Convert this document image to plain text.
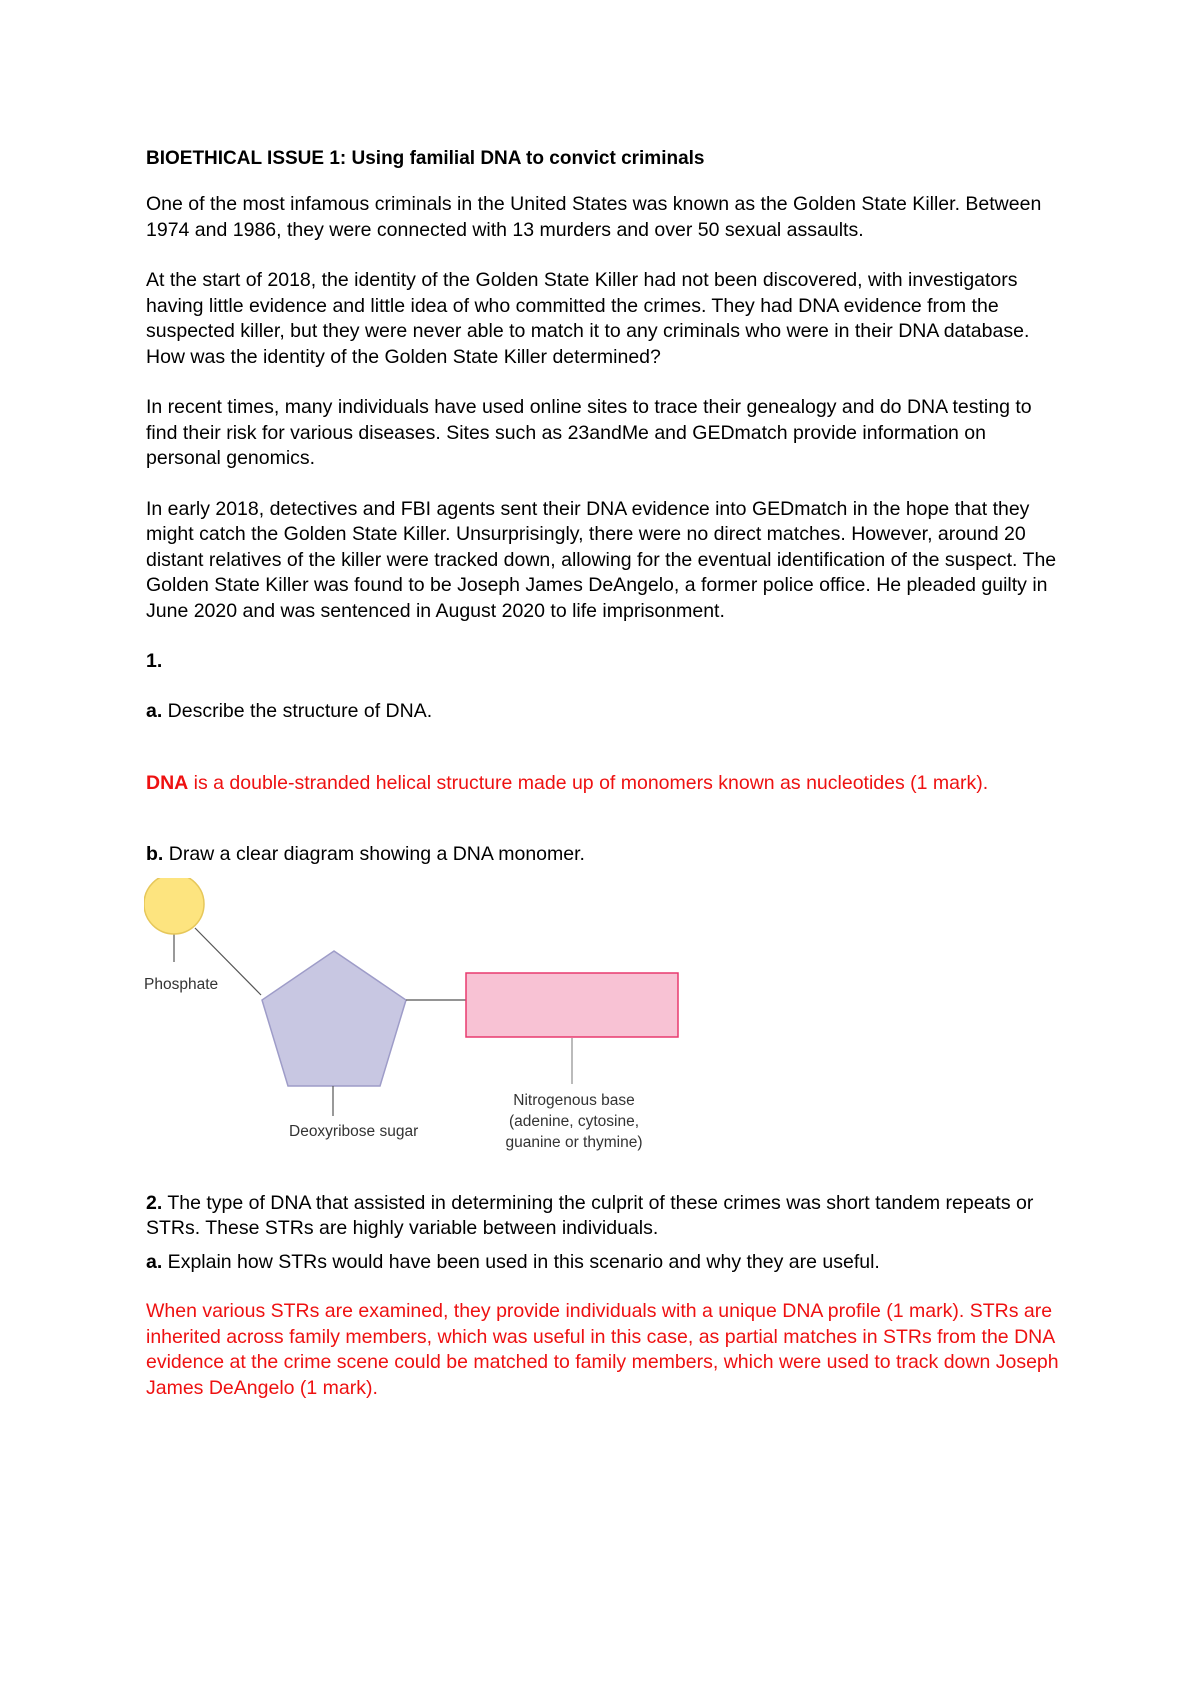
BIOETHICAL ISSUE 1: Using familial DNA to convict criminals

One of the most infamous criminals in the United States was known as the Golden State Killer. Between 1974 and 1986, they were connected with 13 murders and over 50 sexual assaults.

At the start of 2018, the identity of the Golden State Killer had not been discovered, with investigators having little evidence and little idea of who committed the crimes. They had DNA evidence from the suspected killer, but they were never able to match it to any criminals who were in their DNA database. How was the identity of the Golden State Killer determined?

In recent times, many individuals have used online sites to trace their genealogy and do DNA testing to find their risk for various diseases. Sites such as 23andMe and GEDmatch provide information on personal genomics.

In early 2018, detectives and FBI agents sent their DNA evidence into GEDmatch in the hope that they might catch the Golden State Killer. Unsurprisingly, there were no direct matches. However, around 20 distant relatives of the killer were tracked down, allowing for the eventual identification of the suspect. The Golden State Killer was found to be Joseph James DeAngelo, a former police office. He pleaded guilty in June 2020 and was sentenced in August 2020 to life imprisonment.

1.

a. Describe the structure of DNA.

DNA is a double-stranded helical structure made up of monomers known as nucleotides (1 mark).

b. Draw a clear diagram showing a DNA monomer.

Phosphate
Deoxyribose sugar
Nitrogenous base
(adenine, cytosine,
guanine or thymine)

2. The type of DNA that assisted in determining the culprit of these crimes was short tandem repeats or STRs. These STRs are highly variable between individuals.

a. Explain how STRs would have been used in this scenario and why they are useful.

When various STRs are examined, they provide individuals with a unique DNA profile (1 mark). STRs are inherited across family members, which was useful in this case, as partial matches in STRs from the DNA evidence at the crime scene could be matched to family members, which were used to track down Joseph James DeAngelo (1 mark).
